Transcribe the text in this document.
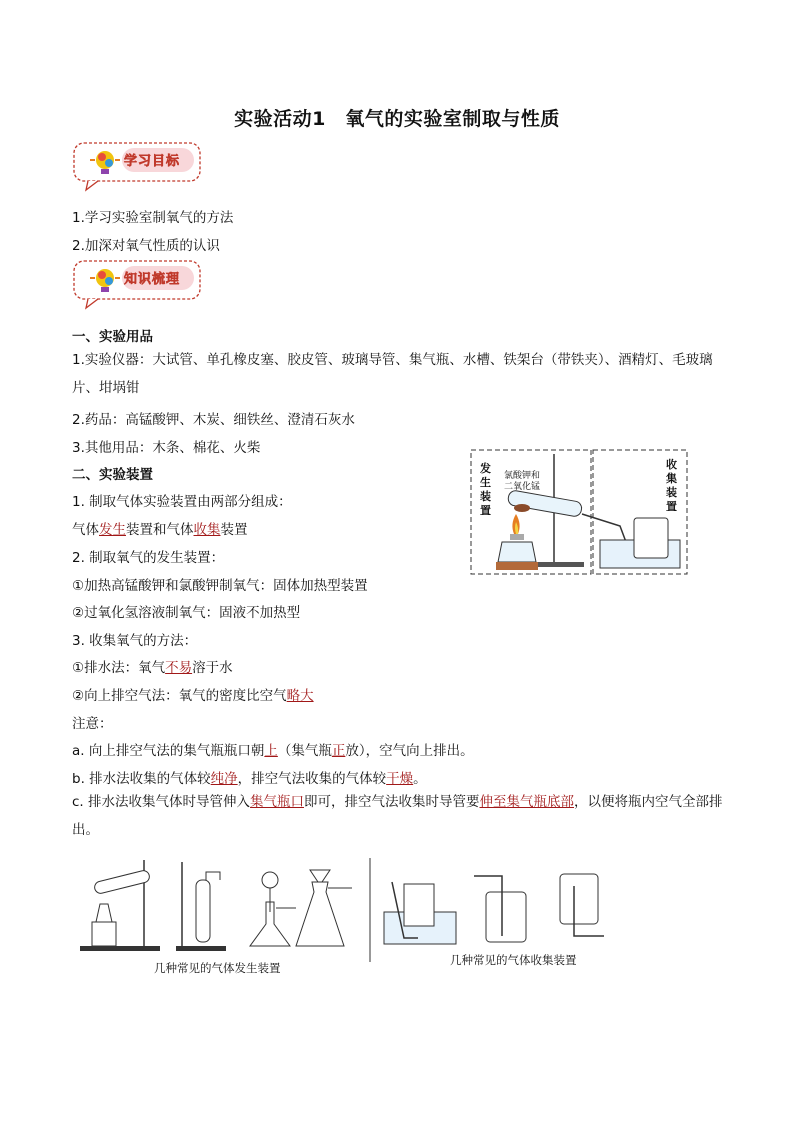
实验活动1　氧气的实验室制取与性质
学习目标
1.学习实验室制氧气的方法
2.加深对氧气性质的认识
知识梳理
一、实验用品
1.实验仪器：大试管、单孔橡皮塞、胶皮管、玻璃导管、集气瓶、水槽、铁架台（带铁夹）、酒精灯、毛玻璃片、坩埚钳
2.药品：高锰酸钾、木炭、细铁丝、澄清石灰水
3.其他用品：木条、棉花、火柴
二、实验装置
1. 制取气体实验装置由两部分组成：
气体发生装置和气体收集装置
2. 制取氧气的发生装置：
①加热高锰酸钾和氯酸钾制氧气：固体加热型装置
②过氧化氢溶液制氧气：固液不加热型
3. 收集氧气的方法：
①排水法：氧气不易溶于水
②向上排空气法：氧气的密度比空气略大
注意：
a. 向上排空气法的集气瓶瓶口朝上（集气瓶正放），空气向上排出。
b. 排水法收集的气体较纯净，排空气法收集的气体较干燥。
c. 排水法收集气体时导管伸入集气瓶口即可，排空气法收集时导管要伸至集气瓶底部，以便将瓶内空气全部排出。
发生装置
收集装置
氯酸钾和
二氧化锰
几种常见的气体发生装置
几种常见的气体收集装置
